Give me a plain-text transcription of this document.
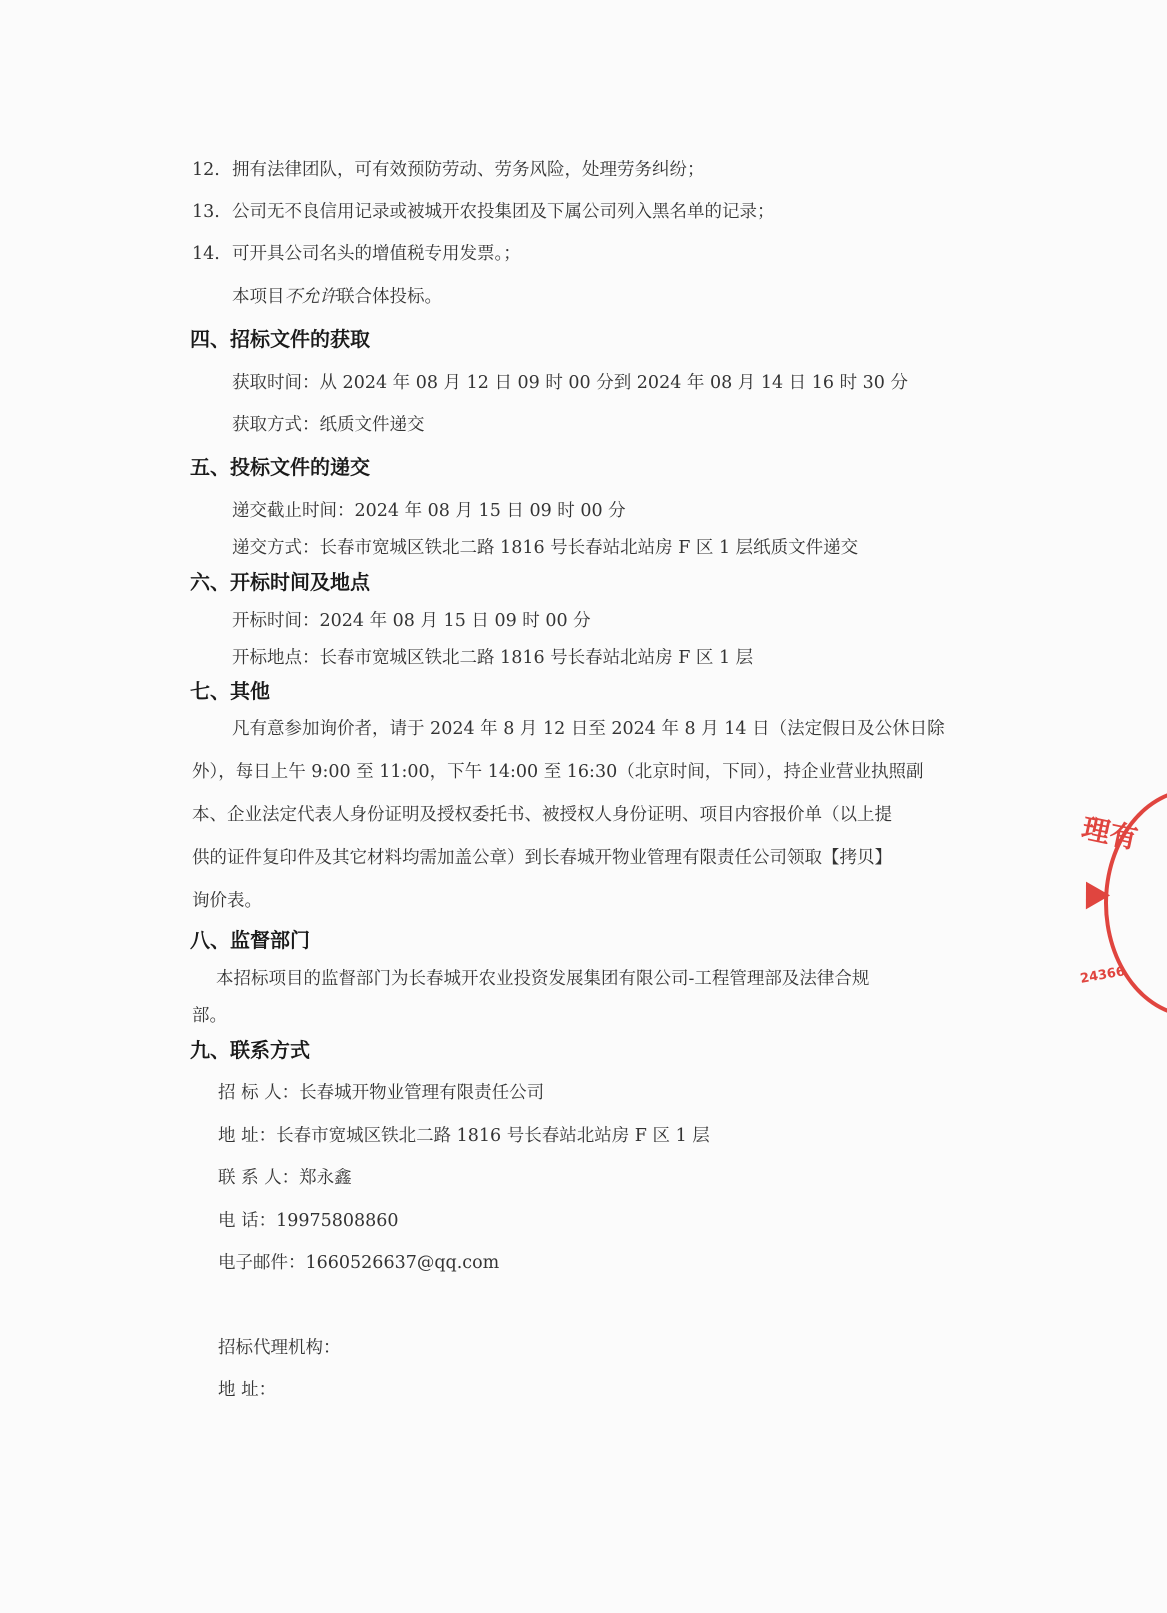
12. 拥有法律团队，可有效预防劳动、劳务风险，处理劳务纠纷；
13. 公司无不良信用记录或被城开农投集团及下属公司列入黑名单的记录；
14. 可开具公司名头的增值税专用发票。；
本项目不允许联合体投标。
四、招标文件的获取
获取时间：从 2024 年 08 月 12 日 09 时 00 分到 2024 年 08 月 14 日 16 时 30 分
获取方式：纸质文件递交
五、投标文件的递交
递交截止时间：2024 年 08 月 15 日 09 时 00 分
递交方式：长春市宽城区铁北二路 1816 号长春站北站房 F 区 1 层纸质文件递交
六、开标时间及地点
开标时间：2024 年 08 月 15 日 09 时 00 分
开标地点：长春市宽城区铁北二路 1816 号长春站北站房 F 区 1 层
七、其他
凡有意参加询价者，请于 2024 年 8 月 12 日至 2024 年 8 月 14 日（法定假日及公休日除
外），每日上午 9:00 至 11:00，下午 14:00 至 16:30（北京时间，下同），持企业营业执照副
本、企业法定代表人身份证明及授权委托书、被授权人身份证明、项目内容报价单（以上提
供的证件复印件及其它材料均需加盖公章）到长春城开物业管理有限责任公司领取【拷贝】
询价表。
八、监督部门
本招标项目的监督部门为长春城开农业投资发展集团有限公司-工程管理部及法律合规
部。
九、联系方式
招 标 人：长春城开物业管理有限责任公司
地 址：长春市宽城区铁北二路 1816 号长春站北站房 F 区 1 层
联 系 人：郑永鑫
电 话：19975808860
电子邮件：1660526637@qq.com
招标代理机构：
地 址：
理有
24366
